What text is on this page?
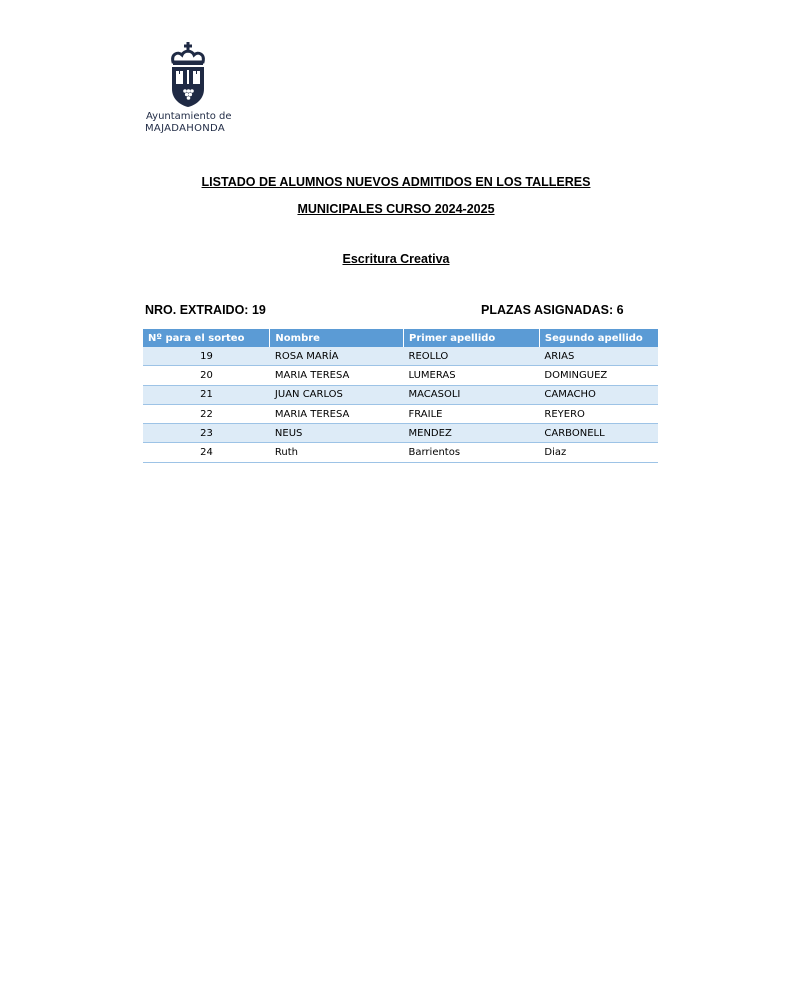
Ayuntamiento de
MAJADAHONDA
LISTADO DE ALUMNOS NUEVOS ADMITIDOS EN LOS TALLERES
MUNICIPALES CURSO 2024-2025
Escritura Creativa
NRO. EXTRAIDO: 19	PLAZAS ASIGNADAS: 6
Nº para el sorteo	Nombre	Primer apellido	Segundo apellido
19	ROSA MARÍA	REOLLO	ARIAS
20	MARIA TERESA	LUMERAS	DOMINGUEZ
21	JUAN CARLOS	MACASOLI	CAMACHO
22	MARIA TERESA	FRAILE	REYERO
23	NEUS	MENDEZ	CARBONELL
24	Ruth	Barrientos	Diaz
